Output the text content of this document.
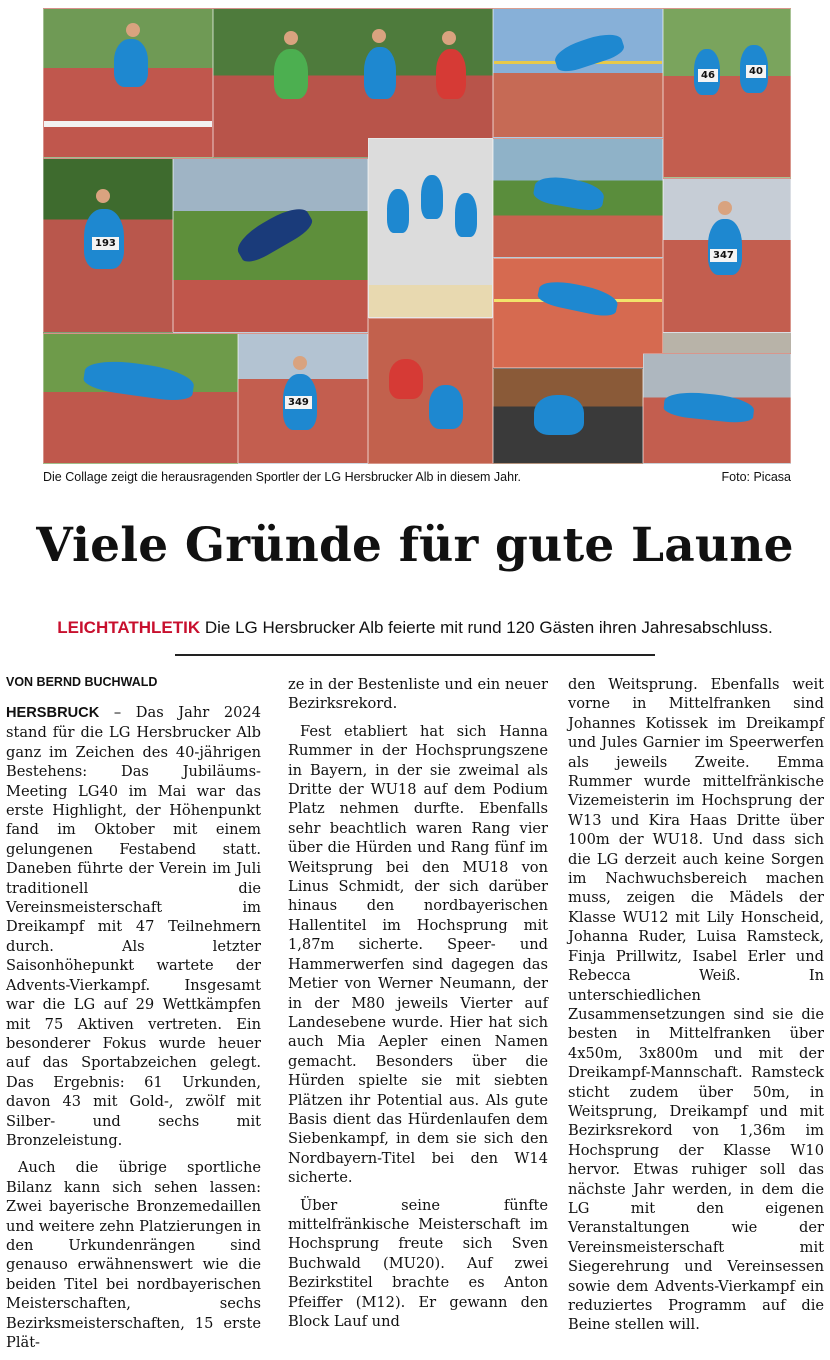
40
46
193
347
349
Die Collage zeigt die herausragenden Sportler der LG Hersbrucker Alb in diesem Jahr.	Foto: Picasa
Viele Gründe für gute Laune
LEICHTATHLETIK Die LG Hersbrucker Alb feierte mit rund 120 Gästen ihren Jahresabschluss.
VON BERND BUCHWALD

HERSBRUCK – Das Jahr 2024 stand für die LG Hersbrucker Alb ganz im Zeichen des 40-jährigen Bestehens: Das Jubiläums-Meeting LG40 im Mai war das erste Highlight, der Höhenpunkt fand im Oktober mit einem gelungenen Festabend statt. Daneben führte der Verein im Juli traditionell die Vereinsmeisterschaft im Dreikampf mit 47 Teilnehmern durch. Als letzter Saisonhöhepunkt wartete der Advents-Vierkampf. Insgesamt war die LG auf 29 Wettkämpfen mit 75 Aktiven vertreten. Ein besonderer Fokus wurde heuer auf das Sportabzeichen gelegt. Das Ergebnis: 61 Urkunden, davon 43 mit Gold-, zwölf mit Silber- und sechs mit Bronzeleistung.

Auch die übrige sportliche Bilanz kann sich sehen lassen: Zwei bayerische Bronzemedaillen und weitere zehn Platzierungen in den Urkundenrängen sind genauso erwähnenswert wie die beiden Titel bei nordbayerischen Meisterschaften, sechs Bezirksmeisterschaften, 15 erste Plät-

ze in der Bestenliste und ein neuer Bezirksrekord.

Fest etabliert hat sich Hanna Rummer in der Hochsprungszene in Bayern, in der sie zweimal als Dritte der WU18 auf dem Podium Platz nehmen durfte. Ebenfalls sehr beachtlich waren Rang vier über die Hürden und Rang fünf im Weitsprung bei den MU18 von Linus Schmidt, der sich darüber hinaus den nordbayerischen Hallentitel im Hochsprung mit 1,87m sicherte. Speer- und Hammerwerfen sind dagegen das Metier von Werner Neumann, der in der M80 jeweils Vierter auf Landesebene wurde. Hier hat sich auch Mia Aepler einen Namen gemacht. Besonders über die Hürden spielte sie mit siebten Plätzen ihr Potential aus. Als gute Basis dient das Hürdenlaufen dem Siebenkampf, in dem sie sich den Nordbayern-Titel bei den W14 sicherte.

Über seine fünfte mittelfränkische Meisterschaft im Hochsprung freute sich Sven Buchwald (MU20). Auf zwei Bezirkstitel brachte es Anton Pfeiffer (M12). Er gewann den Block Lauf und

den Weitsprung. Ebenfalls weit vorne in Mittelfranken sind Johannes Kotissek im Dreikampf und Jules Garnier im Speerwerfen als jeweils Zweite. Emma Rummer wurde mittelfränkische Vizemeisterin im Hochsprung der W13 und Kira Haas Dritte über 100m der WU18. Und dass sich die LG derzeit auch keine Sorgen im Nachwuchsbereich machen muss, zeigen die Mädels der Klasse WU12 mit Lily Honscheid, Johanna Ruder, Luisa Ramsteck, Finja Prillwitz, Isabel Erler und Rebecca Weiß. In unterschiedlichen Zusammensetzungen sind sie die besten in Mittelfranken über 4x50m, 3x800m und mit der Dreikampf-Mannschaft. Ramsteck sticht zudem über 50m, in Weitsprung, Dreikampf und mit Bezirksrekord von 1,36m im Hochsprung der Klasse W10 hervor. Etwas ruhiger soll das nächste Jahr werden, in dem die LG mit den eigenen Veranstaltungen wie der Vereinsmeisterschaft mit Siegerehrung und Vereinsessen sowie dem Advents-Vierkampf ein reduziertes Programm auf die Beine stellen will.
